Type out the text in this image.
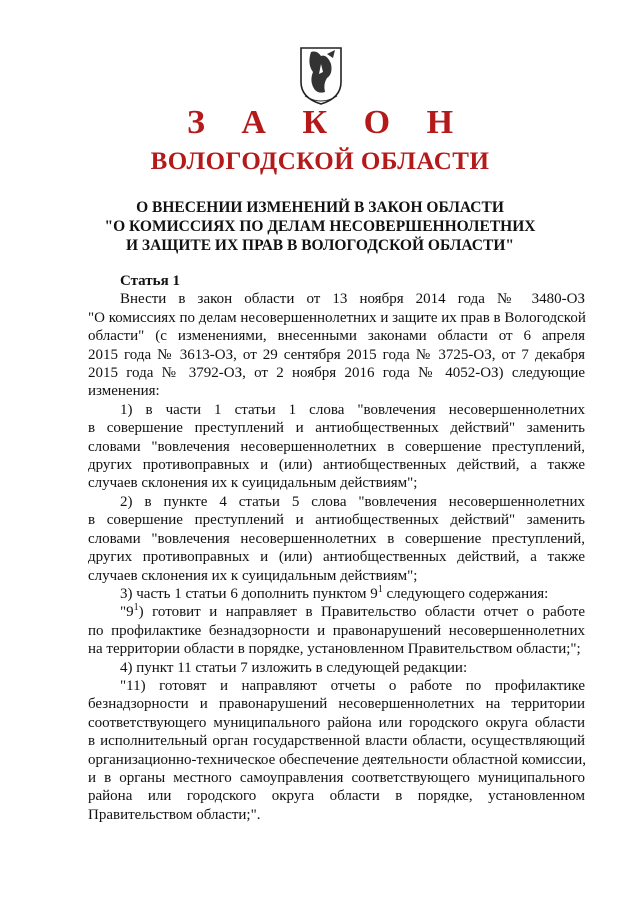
З А К О Н
ВОЛОГОДСКОЙ ОБЛАСТИ
О ВНЕСЕНИИ ИЗМЕНЕНИЙ В ЗАКОН ОБЛАСТИ
"О КОМИССИЯХ ПО ДЕЛАМ НЕСОВЕРШЕННОЛЕТНИХ
И ЗАЩИТЕ ИХ ПРАВ В ВОЛОГОДСКОЙ ОБЛАСТИ"
Статья 1
Внести в закон области от 13 ноября 2014 года № 3480-ОЗ
"О комиссиях по делам несовершеннолетних и защите их прав в Вологодской
области" (с изменениями, внесенными законами области от 6 апреля
2015 года № 3613-ОЗ, от 29 сентября 2015 года № 3725-ОЗ, от 7 декабря
2015 года № 3792-ОЗ, от 2 ноября 2016 года № 4052-ОЗ) следующие
изменения:
1) в части 1 статьи 1 слова "вовлечения несовершеннолетних
в совершение преступлений и антиобщественных действий" заменить
словами "вовлечения несовершеннолетних в совершение преступлений,
других противоправных и (или) антиобщественных действий, а также
случаев склонения их к суицидальным действиям";
2) в пункте 4 статьи 5 слова "вовлечения несовершеннолетних
в совершение преступлений и антиобщественных действий" заменить
словами "вовлечения несовершеннолетних в совершение преступлений,
других противоправных и (или) антиобщественных действий, а также
случаев склонения их к суицидальным действиям";
3) часть 1 статьи 6 дополнить пунктом $9^1$ следующего содержания:
"$9^1$) готовит и направляет в Правительство области отчет о работе
по профилактике безнадзорности и правонарушений несовершеннолетних
на территории области в порядке, установленном Правительством области;";
4) пункт 11 статьи 7 изложить в следующей редакции:
"11) готовят и направляют отчеты о работе по профилактике
безнадзорности и правонарушений несовершеннолетних на территории
соответствующего муниципального района или городского округа области
в исполнительный орган государственной власти области, осуществляющий
организационно-техническое обеспечение деятельности областной комиссии,
и в органы местного самоуправления соответствующего муниципального
района или городского округа области в порядке, установленном
Правительством области;".
